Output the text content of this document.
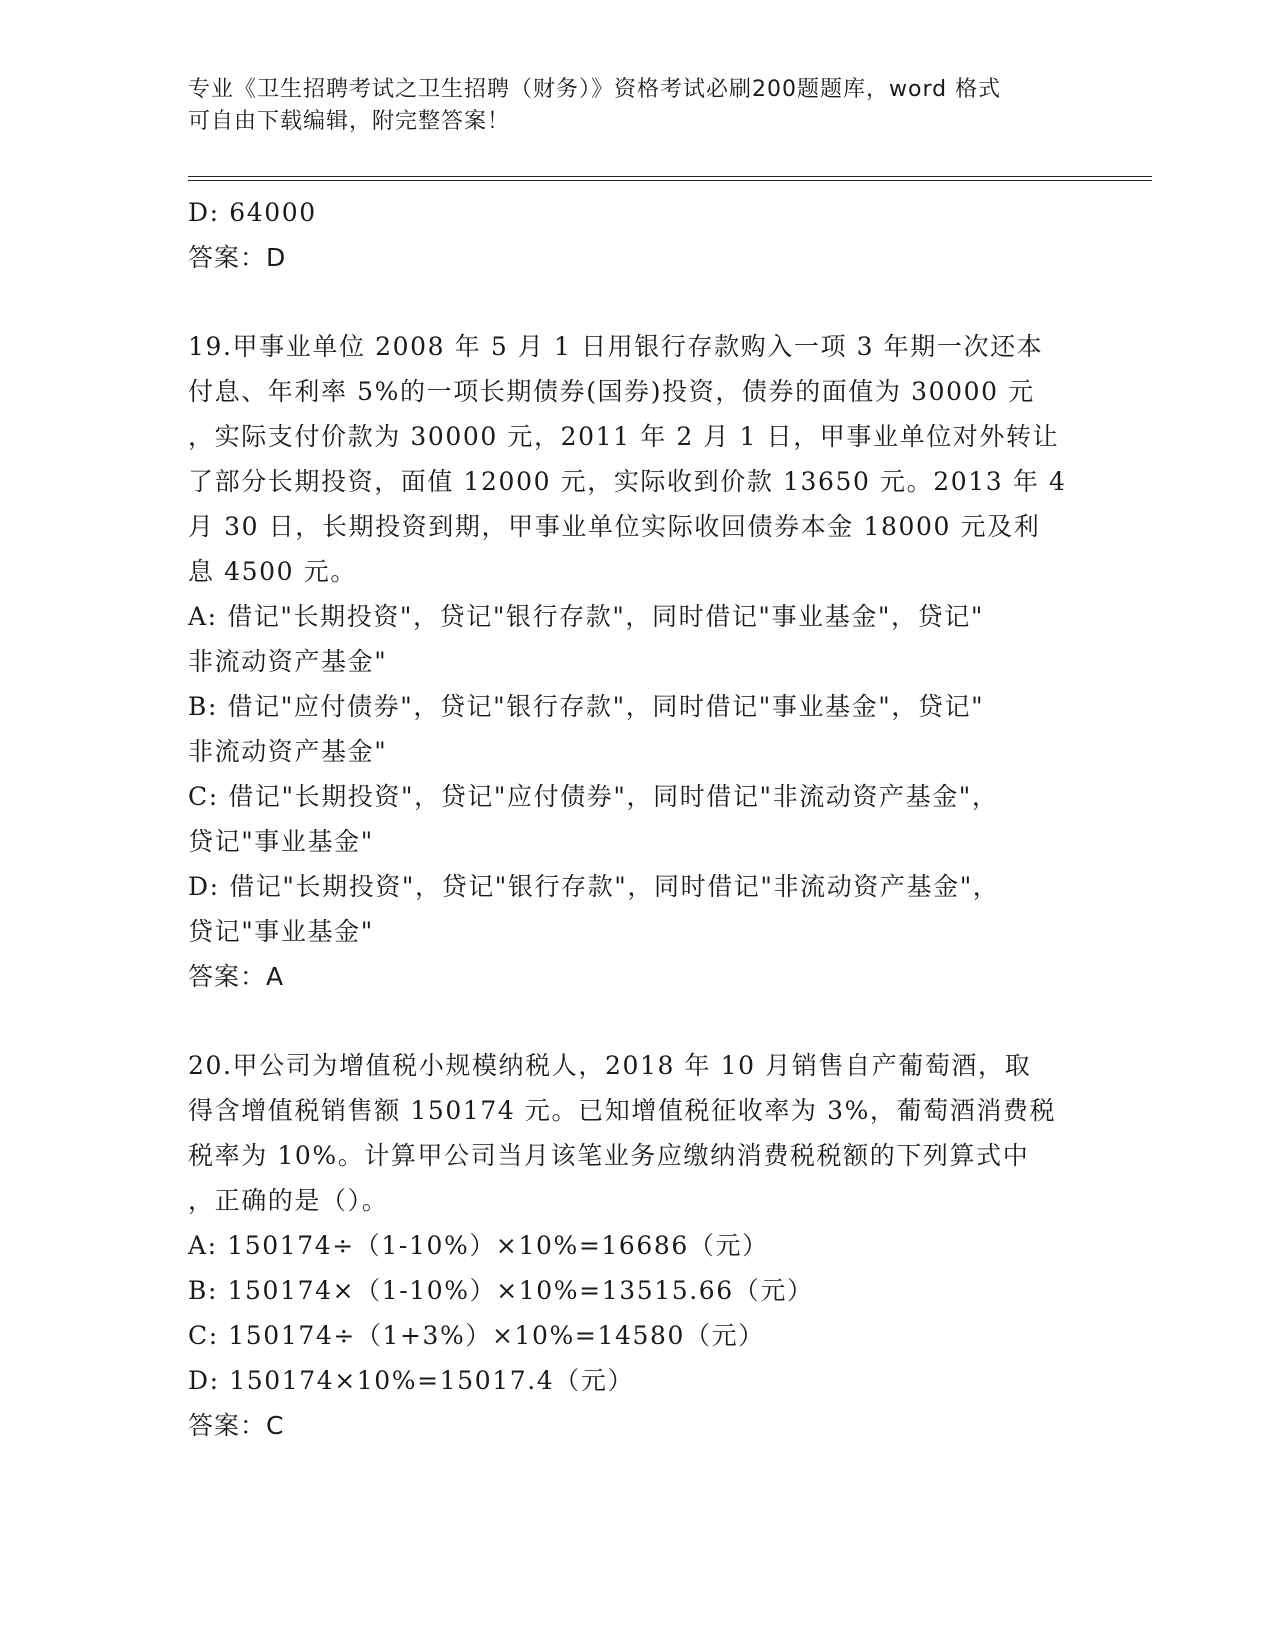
专业《卫生招聘考试之卫生招聘（财务）》资格考试必刷200题题库，word 格式
可自由下载编辑，附完整答案！
D: 64000
答案：D
19.甲事业单位 2008 年 5 月 1 日用银行存款购入一项 3 年期一次还本
付息、年利率 5%的一项长期债券(国券)投资，债券的面值为 30000 元
，实际支付价款为 30000 元，2011 年 2 月 1 日，甲事业单位对外转让
了部分长期投资，面值 12000 元，实际收到价款 13650 元。2013 年 4
月 30 日，长期投资到期，甲事业单位实际收回债券本金 18000 元及利
息 4500 元。
A: 借记"长期投资"，贷记"银行存款"，同时借记"事业基金"，贷记"
非流动资产基金"
B: 借记"应付债券"，贷记"银行存款"，同时借记"事业基金"，贷记"
非流动资产基金"
C: 借记"长期投资"，贷记"应付债券"，同时借记"非流动资产基金"，
贷记"事业基金"
D: 借记"长期投资"，贷记"银行存款"，同时借记"非流动资产基金"，
贷记"事业基金"
答案：A
20.甲公司为增值税小规模纳税人，2018 年 10 月销售自产葡萄酒，取
得含增值税销售额 150174 元。已知增值税征收率为 3%，葡萄酒消费税
税率为 10%。计算甲公司当月该笔业务应缴纳消费税税额的下列算式中
，正确的是（）。
A: 150174÷（1-10%）×10%=16686（元）
B: 150174×（1-10%）×10%=13515.66（元）
C: 150174÷（1+3%）×10%=14580（元）
D: 150174×10%=15017.4（元）
答案：C
